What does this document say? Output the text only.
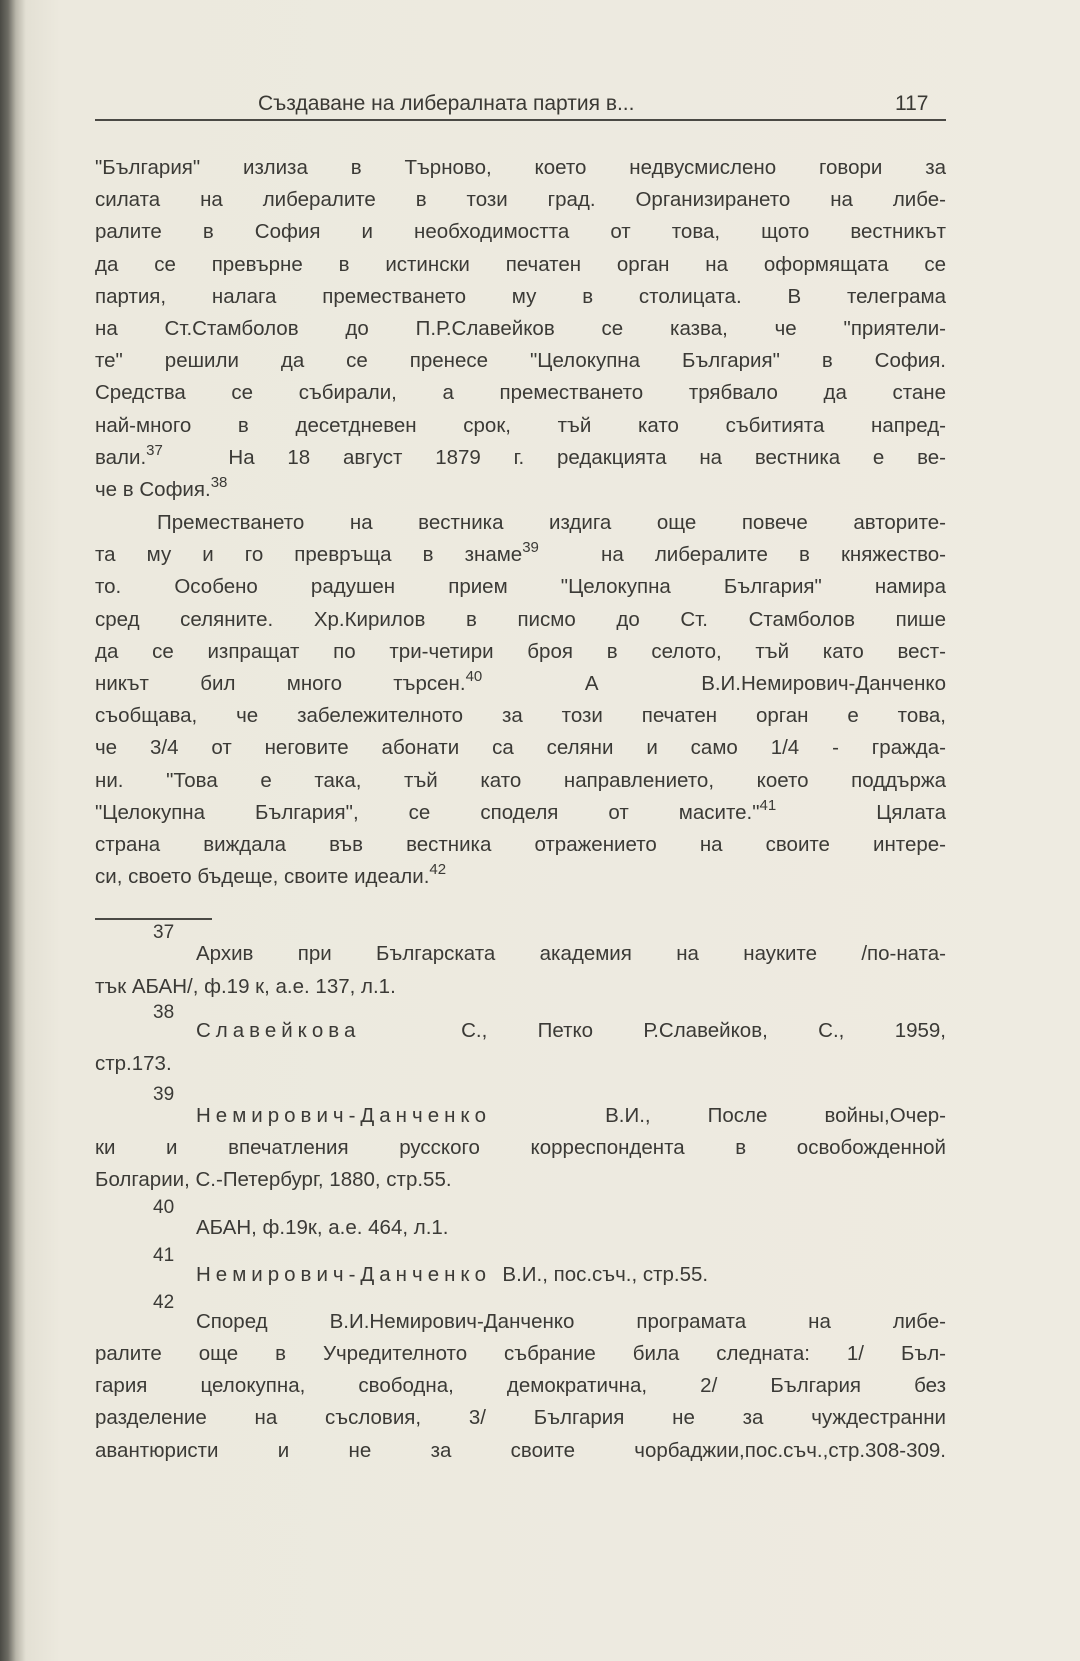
Създаване на либералната партия в...	117
"България" излиза в Търново, което недвусмислено говори за
силата на либералите в този град. Организирането на либе-
ралите в София и необходимостта от това, щото вестникът
да се превърне в истински печатен орган на оформящата се
партия, налага преместването му в столицата. В телеграма
на Ст.Стамболов до П.Р.Славейков се казва, че "приятели-
те" решили да се пренесе "Целокупна България" в София.
Средства се събирали, а преместването трябвало да стане
най-много в десетдневен срок, тъй като събитията напред-
вали.$^{37}$  На 18 август 1879 г. редакцията на вестника е ве-
че в София.$^{38}$
Преместването на вестника издига още повече авторите-
та му и го превръща в знаме$^{39}$  на либералите в княжество-
то. Особено радушен прием "Целокупна България" намира
сред селяните. Хр.Кирилов в писмо до Ст. Стамболов пише
да се изпращат по три-четири броя в селото, тъй като вест-
никът бил много търсен.$^{40}$  А  В.И.Немирович-Данченко
съобщава, че забележителното за този печатен орган е това,
че 3/4 от неговите абонати са селяни и само 1/4 - гражда-
ни. "Това е така, тъй като направлението, което поддържа
"Целокупна България", се споделя от масите."$^{41}$  Цялата
страна виждала във вестника отражението на своите интере-
си, своето бъдеще, своите идеали.$^{42}$
37
Архив при Българската академия на науките /по-ната-
тък АБАН/, ф.19 к, а.е. 137, л.1.
38
Славейкова  С., Петко Р.Славейков, С., 1959,
стр.173.
39
Немирович-Данченко  В.И., После войны,Очер-
ки и впечатления русского корреспондента в освобожденной
Болгарии, С.-Петербург, 1880, стр.55.
40
АБАН, ф.19к, а.е. 464, л.1.
41
Немирович-Данченко  В.И., пос.съч., стр.55.
42
Според В.И.Немирович-Данченко програмата на либе-
ралите още в Учредителното събрание била следната: 1/ Бъл-
гария целокупна, свободна, демократична, 2/ България без
разделение на съсловия, 3/ България не за чуждестранни
авантюристи и не за своите чорбаджии,пос.съч.,стр.308-309.
